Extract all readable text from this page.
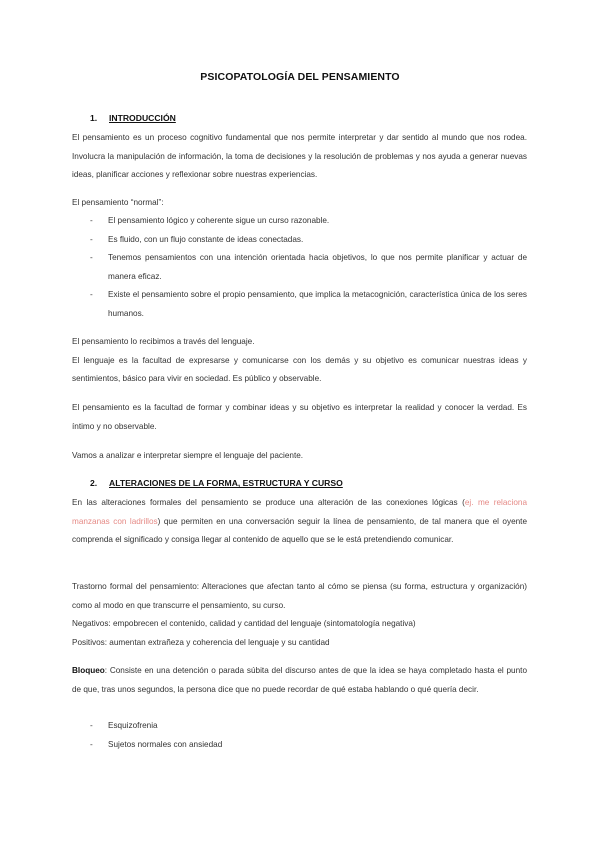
PSICOPATOLOGÍA DEL PENSAMIENTO
1. INTRODUCCIÓN
El pensamiento es un proceso cognitivo fundamental que nos permite interpretar y dar sentido al mundo que nos rodea. Involucra la manipulación de información, la toma de decisiones y la resolución de problemas y nos ayuda a generar nuevas ideas, planificar acciones y reflexionar sobre nuestras experiencias.
El pensamiento “normal”:
- El pensamiento lógico y coherente sigue un curso razonable.
- Es fluido, con un flujo constante de ideas conectadas.
- Tenemos pensamientos con una intención orientada hacia objetivos, lo que nos permite planificar y actuar de manera eficaz.
- Existe el pensamiento sobre el propio pensamiento, que implica la metacognición, característica única de los seres humanos.
El pensamiento lo recibimos a través del lenguaje.
El lenguaje es la facultad de expresarse y comunicarse con los demás y su objetivo es comunicar nuestras ideas y sentimientos, básico para vivir en sociedad. Es público y observable.
El pensamiento es la facultad de formar y combinar ideas y su objetivo es interpretar la realidad y conocer la verdad. Es íntimo y no observable.
Vamos a analizar e interpretar siempre el lenguaje del paciente.
2. ALTERACIONES DE LA FORMA, ESTRUCTURA Y CURSO
En las alteraciones formales del pensamiento se produce una alteración de las conexiones lógicas (ej. me relaciona manzanas con ladrillos) que permiten en una conversación seguir la línea de pensamiento, de tal manera que el oyente comprenda el significado y consiga llegar al contenido de aquello que se le está pretendiendo comunicar.
Trastorno formal del pensamiento: Alteraciones que afectan tanto al cómo se piensa (su forma, estructura y organización) como al modo en que transcurre el pensamiento, su curso.
Negativos: empobrecen el contenido, calidad y cantidad del lenguaje (sintomatología negativa)
Positivos: aumentan extrañeza y coherencia del lenguaje y su cantidad
Bloqueo: Consiste en una detención o parada súbita del discurso antes de que la idea se haya completado hasta el punto de que, tras unos segundos, la persona dice que no puede recordar de qué estaba hablando o qué quería decir.
- Esquizofrenia
- Sujetos normales con ansiedad
